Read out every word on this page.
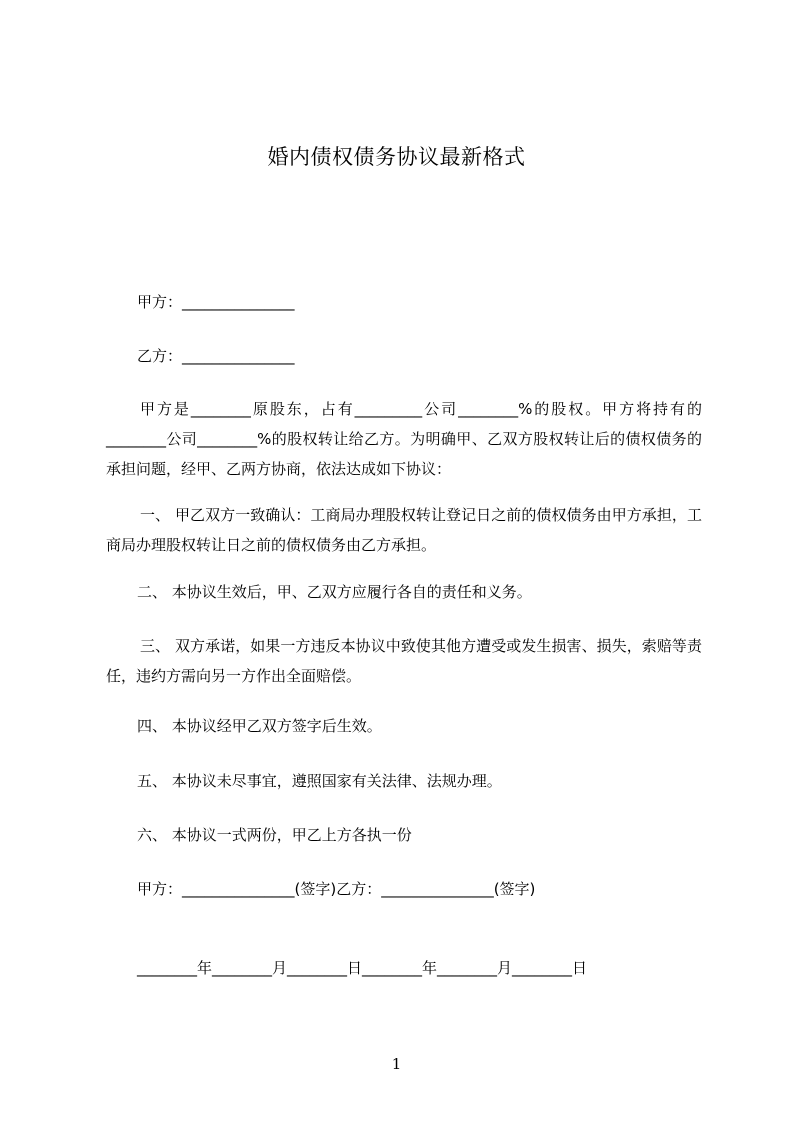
婚内债权债务协议最新格式
甲方：_______________
乙方：_______________
甲方是________原股东，占有_________公司________%的股权。甲方将持有的________公司________%的股权转让给乙方。为明确甲、乙双方股权转让后的债权债务的承担问题，经甲、乙两方协商，依法达成如下协议：
一、 甲乙双方一致确认：工商局办理股权转让登记日之前的债权债务由甲方承担，工商局办理股权转让日之前的债权债务由乙方承担。
二、 本协议生效后，甲、乙双方应履行各自的责任和义务。
三、 双方承诺，如果一方违反本协议中致使其他方遭受或发生损害、损失，索赔等责任，违约方需向另一方作出全面赔偿。
四、 本协议经甲乙双方签字后生效。
五、 本协议未尽事宜，遵照国家有关法律、法规办理。
六、 本协议一式两份，甲乙上方各执一份
甲方：_______________(签字)乙方：_______________(签字)
________年________月________日________年________月________日
1
